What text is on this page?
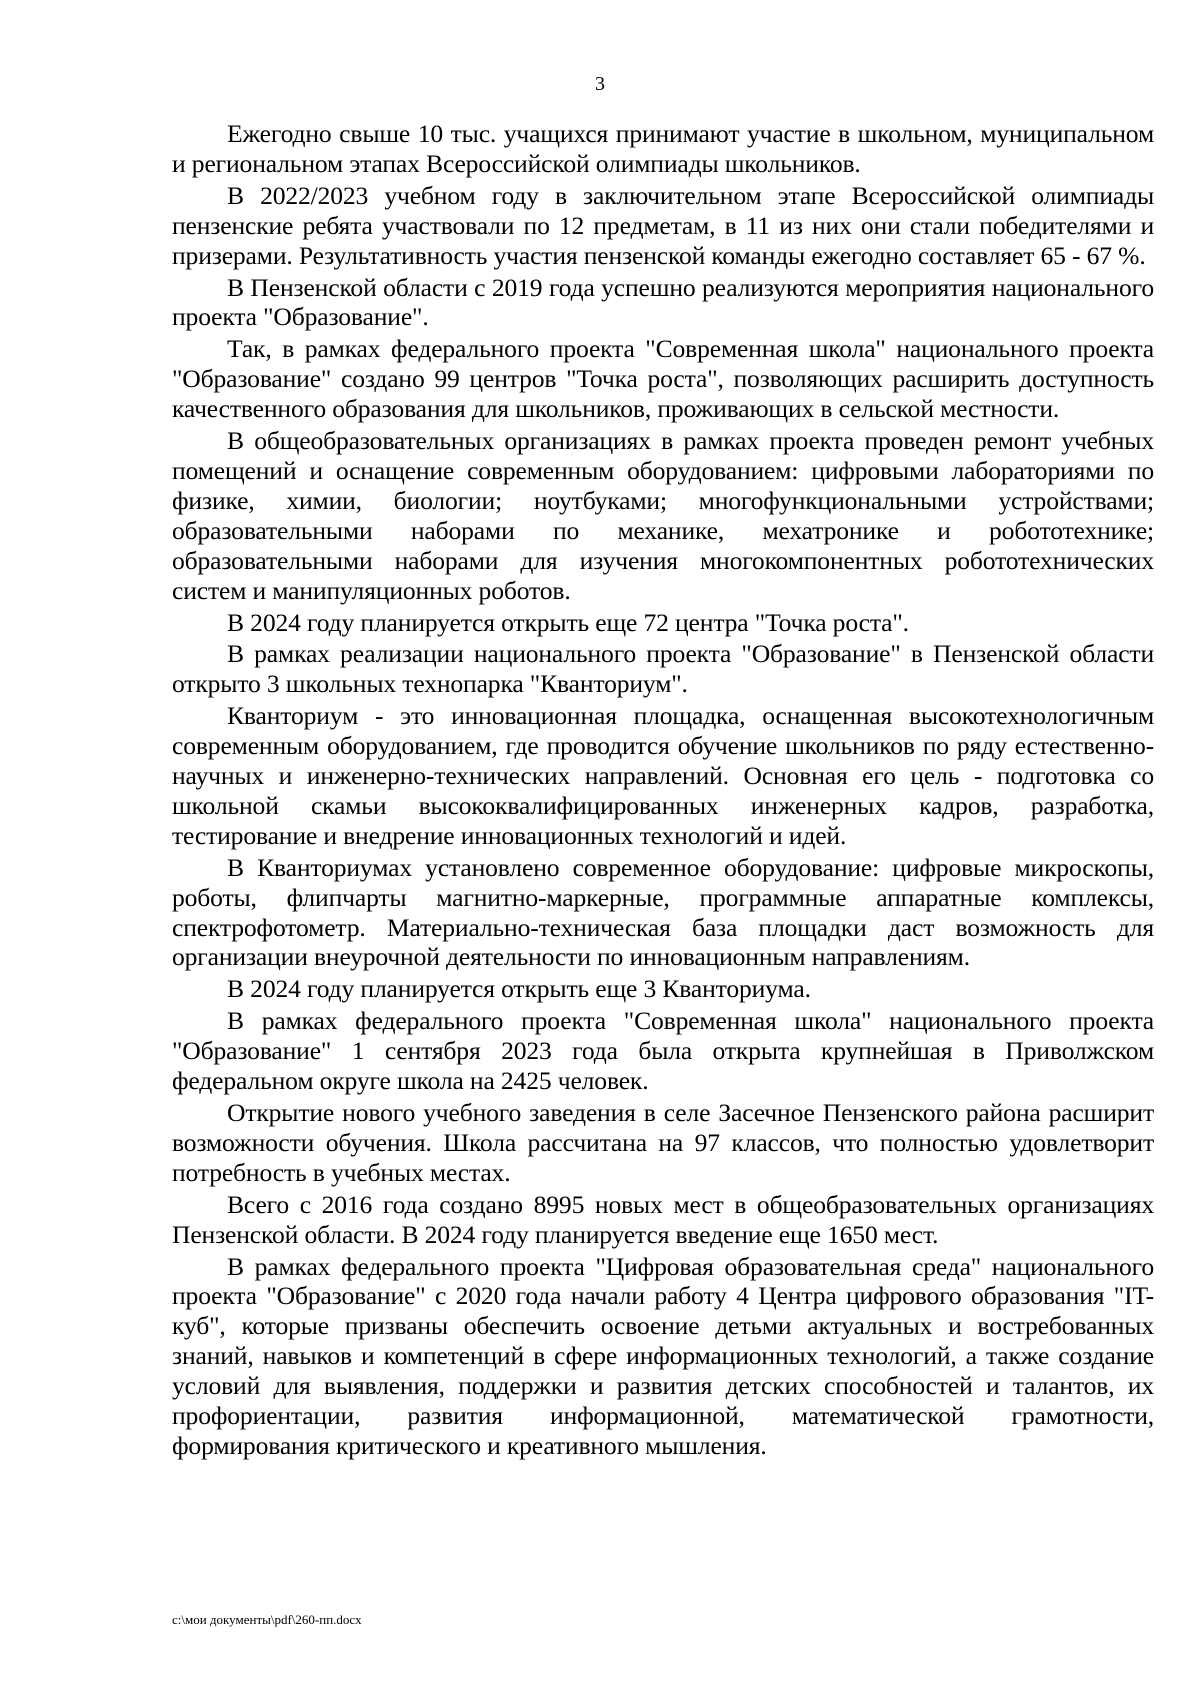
3

Ежегодно свыше 10 тыс. учащихся принимают участие в школьном, муниципальном и региональном этапах Всероссийской олимпиады школьников.

В 2022/2023 учебном году в заключительном этапе Всероссийской олимпиады пензенские ребята участвовали по 12 предметам, в 11 из них они стали победителями и призерами. Результативность участия пензенской команды ежегодно составляет 65 - 67 %.

В Пензенской области с 2019 года успешно реализуются мероприятия национального проекта "Образование".

Так, в рамках федерального проекта "Современная школа" национального проекта "Образование" создано 99 центров "Точка роста", позволяющих расширить доступность качественного образования для школьников, проживающих в сельской местности.

В общеобразовательных организациях в рамках проекта проведен ремонт учебных помещений и оснащение современным оборудованием: цифровыми лабораториями по физике, химии, биологии; ноутбуками; многофункциональными устройствами; образовательными наборами по механике, мехатронике и робототехнике; образовательными наборами для изучения многокомпонентных робототехнических систем и манипуляционных роботов.

В 2024 году планируется открыть еще 72 центра "Точка роста".

В рамках реализации национального проекта "Образование" в Пензенской области открыто 3 школьных технопарка "Кванториум".

Кванториум - это инновационная площадка, оснащенная высокотехнологичным современным оборудованием, где проводится обучение школьников по ряду естественно-научных и инженерно-технических направлений. Основная его цель - подготовка со школьной скамьи высококвалифицированных инженерных кадров, разработка, тестирование и внедрение инновационных технологий и идей.

В Кванториумах установлено современное оборудование: цифровые микроскопы, роботы, флипчарты магнитно-маркерные, программные аппаратные комплексы, спектрофотометр. Материально-техническая база площадки даст возможность для организации внеурочной деятельности по инновационным направлениям.

В 2024 году планируется открыть еще 3 Кванториума.

В рамках федерального проекта "Современная школа" национального проекта "Образование" 1 сентября 2023 года была открыта крупнейшая в Приволжском федеральном округе школа на 2425 человек.

Открытие нового учебного заведения в селе Засечное Пензенского района расширит возможности обучения. Школа рассчитана на 97 классов, что полностью удовлетворит потребность в учебных местах.

Всего с 2016 года создано 8995 новых мест в общеобразовательных организациях Пензенской области. В 2024 году планируется введение еще 1650 мест.

В рамках федерального проекта "Цифровая образовательная среда" национального проекта "Образование" с 2020 года начали работу 4 Центра цифрового образования "IT-куб", которые призваны обеспечить освоение детьми актуальных и востребованных знаний, навыков и компетенций в сфере информационных технологий, а также создание условий для выявления, поддержки и развития детских способностей и талантов, их профориентации, развития информационной, математической грамотности, формирования критического и креативного мышления.

c:\мои документы\pdf\260-пп.docx
